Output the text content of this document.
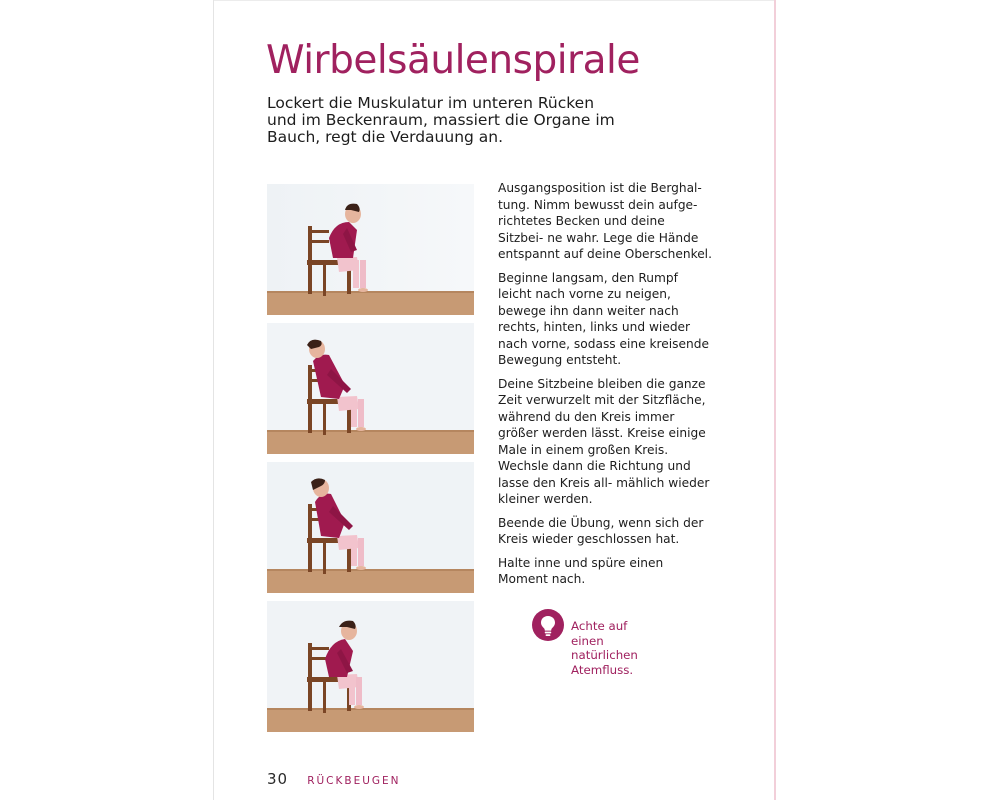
Wirbelsäulenspirale

Lockert die Muskulatur im unteren Rücken und im Beckenraum, massiert die Organe im Bauch, regt die Verdauung an.

Ausgangsposition ist die Berghal- tung. Nimm bewusst dein aufge- richtetes Becken und deine Sitzbei- ne wahr. Lege die Hände entspannt auf deine Oberschenkel.

Beginne langsam, den Rumpf leicht nach vorne zu neigen, bewege ihn dann weiter nach rechts, hinten, links und wieder nach vorne, sodass eine kreisende Bewegung entsteht.

Deine Sitzbeine bleiben die ganze Zeit verwurzelt mit der Sitzfläche, während du den Kreis immer größer werden lässt. Kreise einige Male in einem großen Kreis. Wechsle dann die Richtung und lasse den Kreis all- mählich wieder kleiner werden.

Beende die Übung, wenn sich der Kreis wieder geschlossen hat.

Halte inne und spüre einen Moment nach.

Achte auf einen natürlichen Atemfluss.

30 RÜCKBEUGEN
